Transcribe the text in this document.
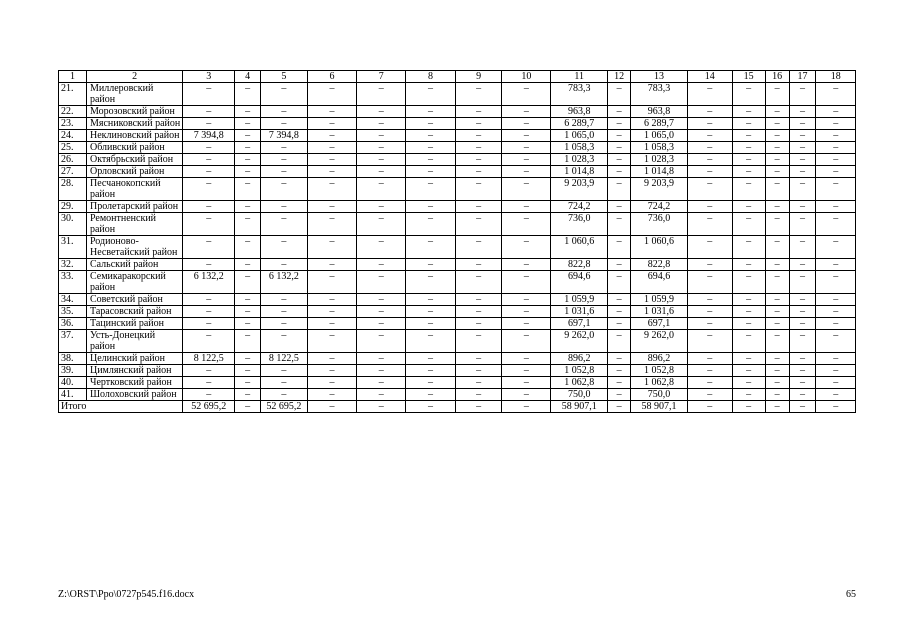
1	2	3	4	5	6	7	8	9	10	11	12	13	14	15	16	17	18
21.	Миллеровский район	–	–	–	–	–	–	–	–	783,3	–	783,3	–	–	–	–	–
22.	Морозовский район	–	–	–	–	–	–	–	–	963,8	–	963,8	–	–	–	–	–
23.	Мясниковский район	–	–	–	–	–	–	–	–	6 289,7	–	6 289,7	–	–	–	–	–
24.	Неклиновский район	7 394,8	–	7 394,8	–	–	–	–	–	1 065,0	–	1 065,0	–	–	–	–	–
25.	Обливский район	–	–	–	–	–	–	–	–	1 058,3	–	1 058,3	–	–	–	–	–
26.	Октябрьский район	–	–	–	–	–	–	–	–	1 028,3	–	1 028,3	–	–	–	–	–
27.	Орловский район	–	–	–	–	–	–	–	–	1 014,8	–	1 014,8	–	–	–	–	–
28.	Песчанокопский район	–	–	–	–	–	–	–	–	9 203,9	–	9 203,9	–	–	–	–	–
29.	Пролетарский район	–	–	–	–	–	–	–	–	724,2	–	724,2	–	–	–	–	–
30.	Ремонтненский район	–	–	–	–	–	–	–	–	736,0	–	736,0	–	–	–	–	–
31.	Родионово-Несветайский район	–	–	–	–	–	–	–	–	1 060,6	–	1 060,6	–	–	–	–	–
32.	Сальский район	–	–	–	–	–	–	–	–	822,8	–	822,8	–	–	–	–	–
33.	Семикаракорский район	6 132,2	–	6 132,2	–	–	–	–	–	694,6	–	694,6	–	–	–	–	–
34.	Советский район	–	–	–	–	–	–	–	–	1 059,9	–	1 059,9	–	–	–	–	–
35.	Тарасовский район	–	–	–	–	–	–	–	–	1 031,6	–	1 031,6	–	–	–	–	–
36.	Тацинский район	–	–	–	–	–	–	–	–	697,1	–	697,1	–	–	–	–	–
37.	Усть-Донецкий район	–	–	–	–	–	–	–	–	9 262,0	–	9 262,0	–	–	–	–	–
38.	Целинский район	8 122,5	–	8 122,5	–	–	–	–	–	896,2	–	896,2	–	–	–	–	–
39.	Цимлянский район	–	–	–	–	–	–	–	–	1 052,8	–	1 052,8	–	–	–	–	–
40.	Чертковский район	–	–	–	–	–	–	–	–	1 062,8	–	1 062,8	–	–	–	–	–
41.	Шолоховский район	–	–	–	–	–	–	–	–	750,0	–	750,0	–	–	–	–	–
Итого		52 695,2	–	52 695,2	–	–	–	–	–	58 907,1	–	58 907,1	–	–	–	–	–
Z:\ORST\Ppo\0727p545.f16.docx	65
